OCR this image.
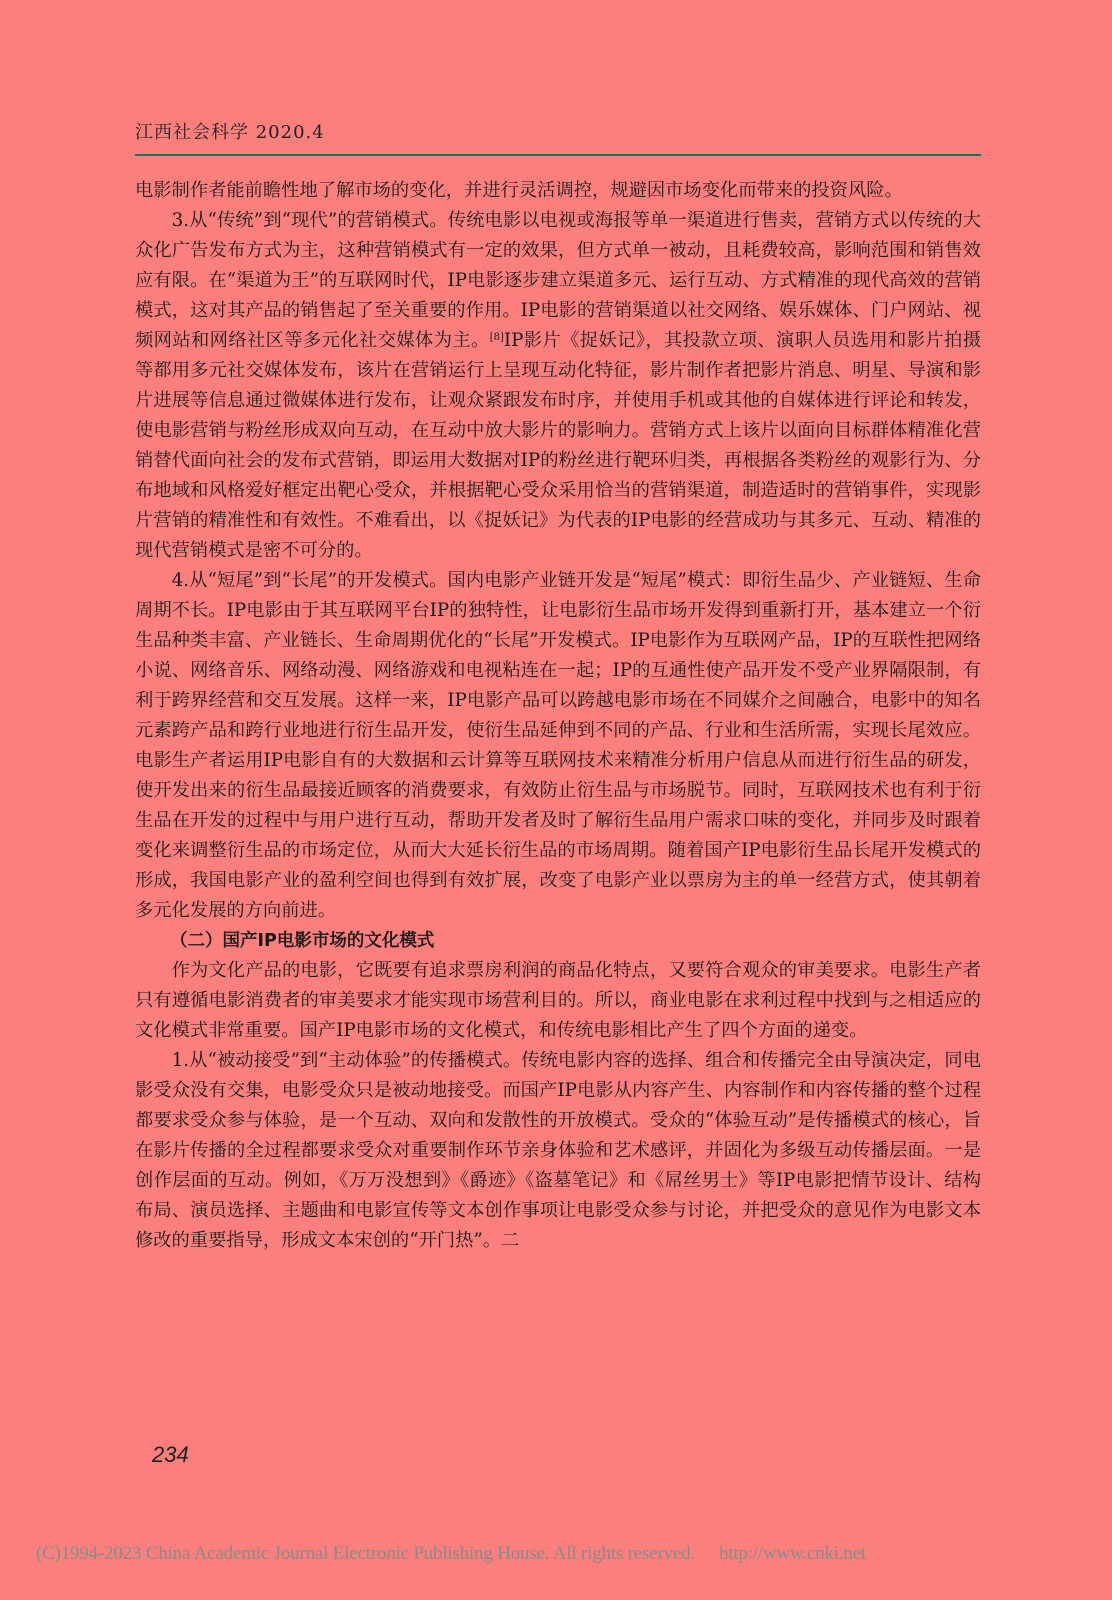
江西社会科学 2020.4

电影制作者能前瞻性地了解市场的变化，并进行灵活调控，规避因市场变化而带来的投资风险。

3.从“传统”到“现代”的营销模式。传统电影以电视或海报等单一渠道进行售卖，营销方式以传统的大众化广告发布方式为主，这种营销模式有一定的效果，但方式单一被动，且耗费较高，影响范围和销售效应有限。在“渠道为王”的互联网时代，IP电影逐步建立渠道多元、运行互动、方式精准的现代高效的营销模式，这对其产品的销售起了至关重要的作用。IP电影的营销渠道以社交网络、娱乐媒体、门户网站、视频网站和网络社区等多元化社交媒体为主。[8]IP影片《捉妖记》，其投款立项、演职人员选用和影片拍摄等都用多元社交媒体发布，该片在营销运行上呈现互动化特征，影片制作者把影片消息、明星、导演和影片进展等信息通过微媒体进行发布，让观众紧跟发布时序，并使用手机或其他的自媒体进行评论和转发，使电影营销与粉丝形成双向互动，在互动中放大影片的影响力。营销方式上该片以面向目标群体精准化营销替代面向社会的发布式营销，即运用大数据对IP的粉丝进行靶环归类，再根据各类粉丝的观影行为、分布地域和风格爱好框定出靶心受众，并根据靶心受众采用恰当的营销渠道，制造适时的营销事件，实现影片营销的精准性和有效性。不难看出，以《捉妖记》为代表的IP电影的经营成功与其多元、互动、精准的现代营销模式是密不可分的。

4.从“短尾”到“长尾”的开发模式。国内电影产业链开发是“短尾”模式：即衍生品少、产业链短、生命周期不长。IP电影由于其互联网平台IP的独特性，让电影衍生品市场开发得到重新打开，基本建立一个衍生品种类丰富、产业链长、生命周期优化的“长尾”开发模式。IP电影作为互联网产品，IP的互联性把网络小说、网络音乐、网络动漫、网络游戏和电视粘连在一起；IP的互通性使产品开发不受产业界隔限制，有利于跨界经营和交互发展。这样一来，IP电影产品可以跨越电影市场在不同媒介之间融合，电影中的知名元素跨产品和跨行业地进行衍生品开发，使衍生品延伸到不同的产品、行业和生活所需，实现长尾效应。电影生产者运用IP电影自有的大数据和云计算等互联网技术来精准分析用户信息从而进行衍生品的研发，使开发出来的衍生品最接近顾客的消费要求，有效防止衍生品与市场脱节。同时，互联网技术也有利于衍生品在开发的过程中与用户进行互动，帮助开发者及时了解衍生品用户需求口味的变化，并同步及时跟着变化来调整衍生品的市场定位，从而大大延长衍生品的市场周期。随着国产IP电影衍生品长尾开发模式的形成，我国电影产业的盈利空间也得到有效扩展，改变了电影产业以票房为主的单一经营方式，使其朝着多元化发展的方向前进。

（二）国产IP电影市场的文化模式

作为文化产品的电影，它既要有追求票房利润的商品化特点，又要符合观众的审美要求。电影生产者只有遵循电影消费者的审美要求才能实现市场营利目的。所以，商业电影在求利过程中找到与之相适应的文化模式非常重要。国产IP电影市场的文化模式，和传统电影相比产生了四个方面的递变。

1.从“被动接受”到“主动体验”的传播模式。传统电影内容的选择、组合和传播完全由导演决定，同电影受众没有交集，电影受众只是被动地接受。而国产IP电影从内容产生、内容制作和内容传播的整个过程都要求受众参与体验，是一个互动、双向和发散性的开放模式。受众的“体验互动”是传播模式的核心，旨在影片传播的全过程都要求受众对重要制作环节亲身体验和艺术感评，并固化为多级互动传播层面。一是创作层面的互动。例如，《万万没想到》《爵迹》《盗墓笔记》和《屌丝男士》等IP电影把情节设计、结构布局、演员选择、主题曲和电影宣传等文本创作事项让电影受众参与讨论，并把受众的意见作为电影文本修改的重要指导，形成文本宋创的“开门热”。二

234
(C)1994-2023 China Academic Journal Electronic Publishing House. All rights reserved. http://www.cnki.net
